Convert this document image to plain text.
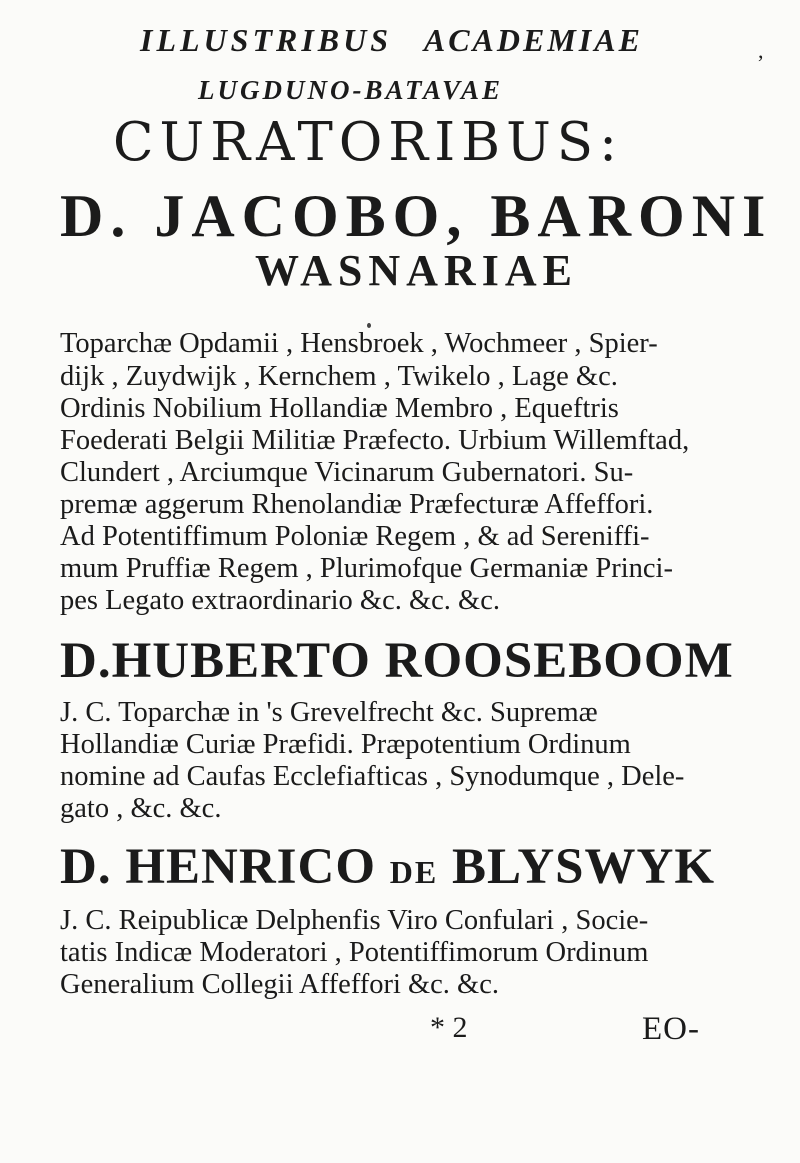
ILLUSTRIBUS ACADEMIAE	,
LUGDUNO-BATAVAE
CURATORIBUS:
D. JACOBO, BARONI
WASNARIAE
Toparchæ Opdamii , Hensbroek , Wochmeer , Spier-
dijk , Zuydwijk , Kernchem , Twikelo , Lage &c.
Ordinis Nobilium Hollandiæ Membro , Equeftris
Foederati Belgii Militiæ Præfecto. Urbium Willemftad,
Clundert , Arciumque Vicinarum Gubernatori. Su-
premæ aggerum Rhenolandiæ Præfecturæ Affeffori.
Ad Potentiffimum Poloniæ Regem , & ad Sereniffi-
mum Pruffiæ Regem , Plurimofque Germaniæ Princi-
pes Legato extraordinario &c. &c. &c.
D.HUBERTO ROOSEBOOM
J. C. Toparchæ in 's Grevelfrecht &c. Supremæ
Hollandiæ Curiæ Præfidi. Præpotentium Ordinum
nomine ad Caufas Ecclefiafticas , Synodumque , Dele-
gato , &c. &c.
D. HENRICO DE BLYSWYK
J. C. Reipublicæ Delphenfis Viro Confulari , Socie-
tatis Indicæ Moderatori , Potentiffimorum Ordinum
Generalium Collegii Affeffori &c. &c.
* 2	EO-
